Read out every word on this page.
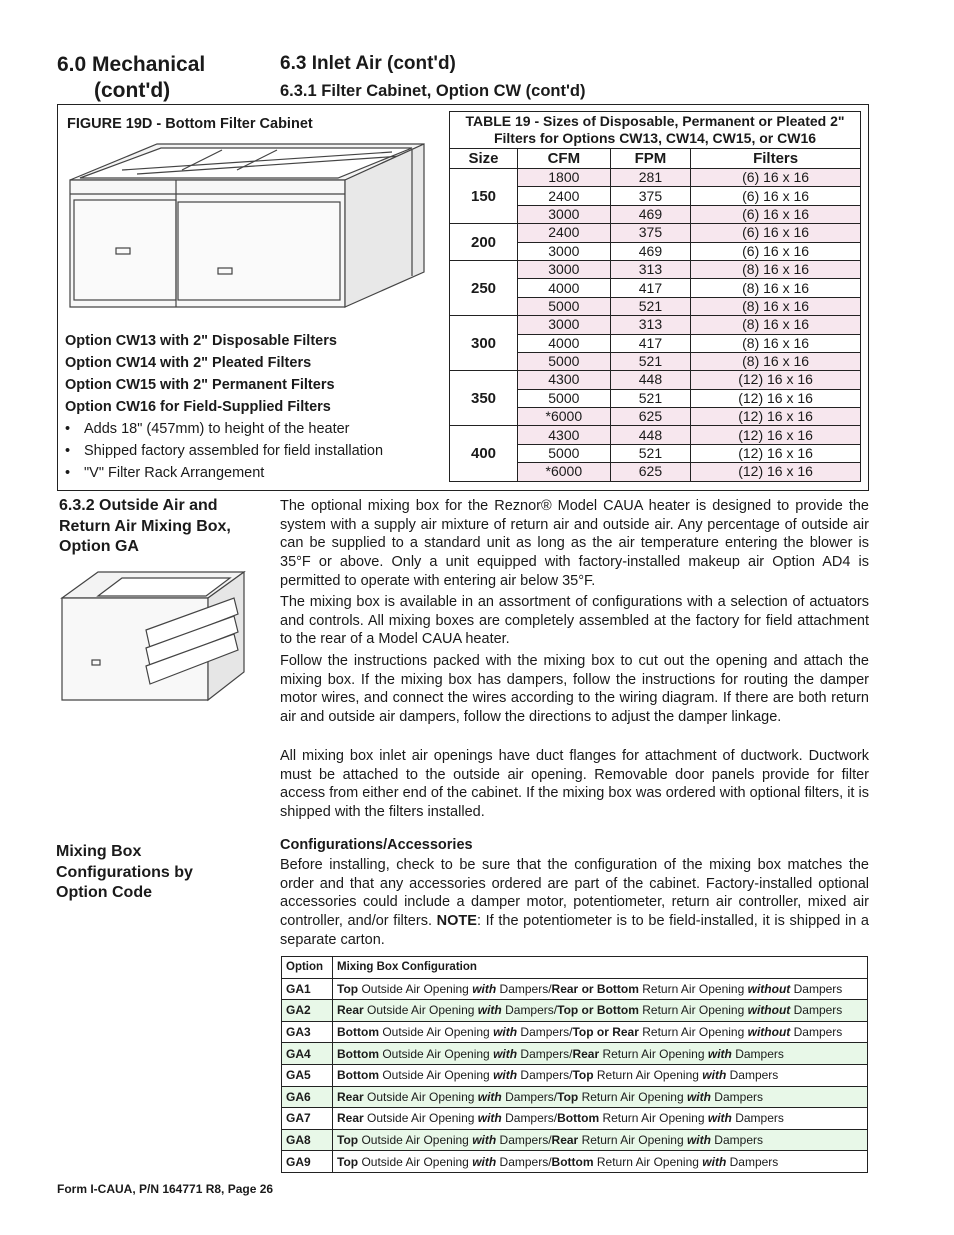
6.0 Mechanical
(cont'd)
6.3 Inlet Air (cont'd)
6.3.1 Filter Cabinet, Option CW (cont'd)
FIGURE 19D - Bottom Filter Cabinet
Option CW13 with 2" Disposable Filters
Option CW14 with 2" Pleated Filters
Option CW15 with 2" Permanent Filters
Option CW16 for Field-Supplied Filters
• Adds 18" (457mm) to height of the heater
• Shipped factory assembled for field installation
• "V" Filter Rack Arrangement
TABLE 19 - Sizes of Disposable, Permanent or Pleated 2" Filters for Options CW13, CW14, CW15, or CW16			
Size	CFM	FPM	Filters
150	1800	281	(6) 16 x 16
	2400	375	(6) 16 x 16
	3000	469	(6) 16 x 16
200	2400	375	(6) 16 x 16
	3000	469	(6) 16 x 16
250	3000	313	(8) 16 x 16
	4000	417	(8) 16 x 16
	5000	521	(8) 16 x 16
300	3000	313	(8) 16 x 16
	4000	417	(8) 16 x 16
	5000	521	(8) 16 x 16
350	4300	448	(12) 16 x 16
	5000	521	(12) 16 x 16
	*6000	625	(12) 16 x 16
400	4300	448	(12) 16 x 16
	5000	521	(12) 16 x 16
	*6000	625	(12) 16 x 16
6.3.2 Outside Air and Return Air Mixing Box, Option GA
The optional mixing box for the Reznor® Model CAUA heater is designed to provide the system with a supply air mixture of return air and outside air. Any percentage of outside air can be supplied to a standard unit as long as the air temperature entering the blower is 35°F or above. Only a unit equipped with factory-installed makeup air Option AD4 is permitted to operate with entering air below 35°F.
The mixing box is available in an assortment of configurations with a selection of actuators and controls. All mixing boxes are completely assembled at the factory for field attachment to the rear of a Model CAUA heater.
Follow the instructions packed with the mixing box to cut out the opening and attach the mixing box. If the mixing box has dampers, follow the instructions for routing the damper motor wires, and connect the wires according to the wiring diagram. If there are both return air and outside air dampers, follow the directions to adjust the damper linkage.
All mixing box inlet air openings have duct flanges for attachment of ductwork. Ductwork must be attached to the outside air opening. Removable door panels provide for filter access from either end of the cabinet. If the mixing box was ordered with optional filters, it is shipped with the filters installed.
Mixing Box Configurations by Option Code
Configurations/Accessories
Before installing, check to be sure that the configuration of the mixing box matches the order and that any accessories ordered are part of the cabinet. Factory-installed optional accessories could include a damper motor, potentiometer, return air controller, mixed air controller, and/or filters. NOTE: If the potentiometer is to be field-installed, it is shipped in a separate carton.
Option	Mixing Box Configuration
GA1	Top Outside Air Opening with Dampers/Rear or Bottom Return Air Opening without Dampers
GA2	Rear Outside Air Opening with Dampers/Top or Bottom Return Air Opening without Dampers
GA3	Bottom Outside Air Opening with Dampers/Top or Rear Return Air Opening without Dampers
GA4	Bottom Outside Air Opening with Dampers/Rear Return Air Opening with Dampers
GA5	Bottom Outside Air Opening with Dampers/Top Return Air Opening with Dampers
GA6	Rear Outside Air Opening with Dampers/Top Return Air Opening with Dampers
GA7	Rear Outside Air Opening with Dampers/Bottom Return Air Opening with Dampers
GA8	Top Outside Air Opening with Dampers/Rear Return Air Opening with Dampers
GA9	Top Outside Air Opening with Dampers/Bottom Return Air Opening with Dampers
Form I-CAUA, P/N 164771 R8, Page 26
